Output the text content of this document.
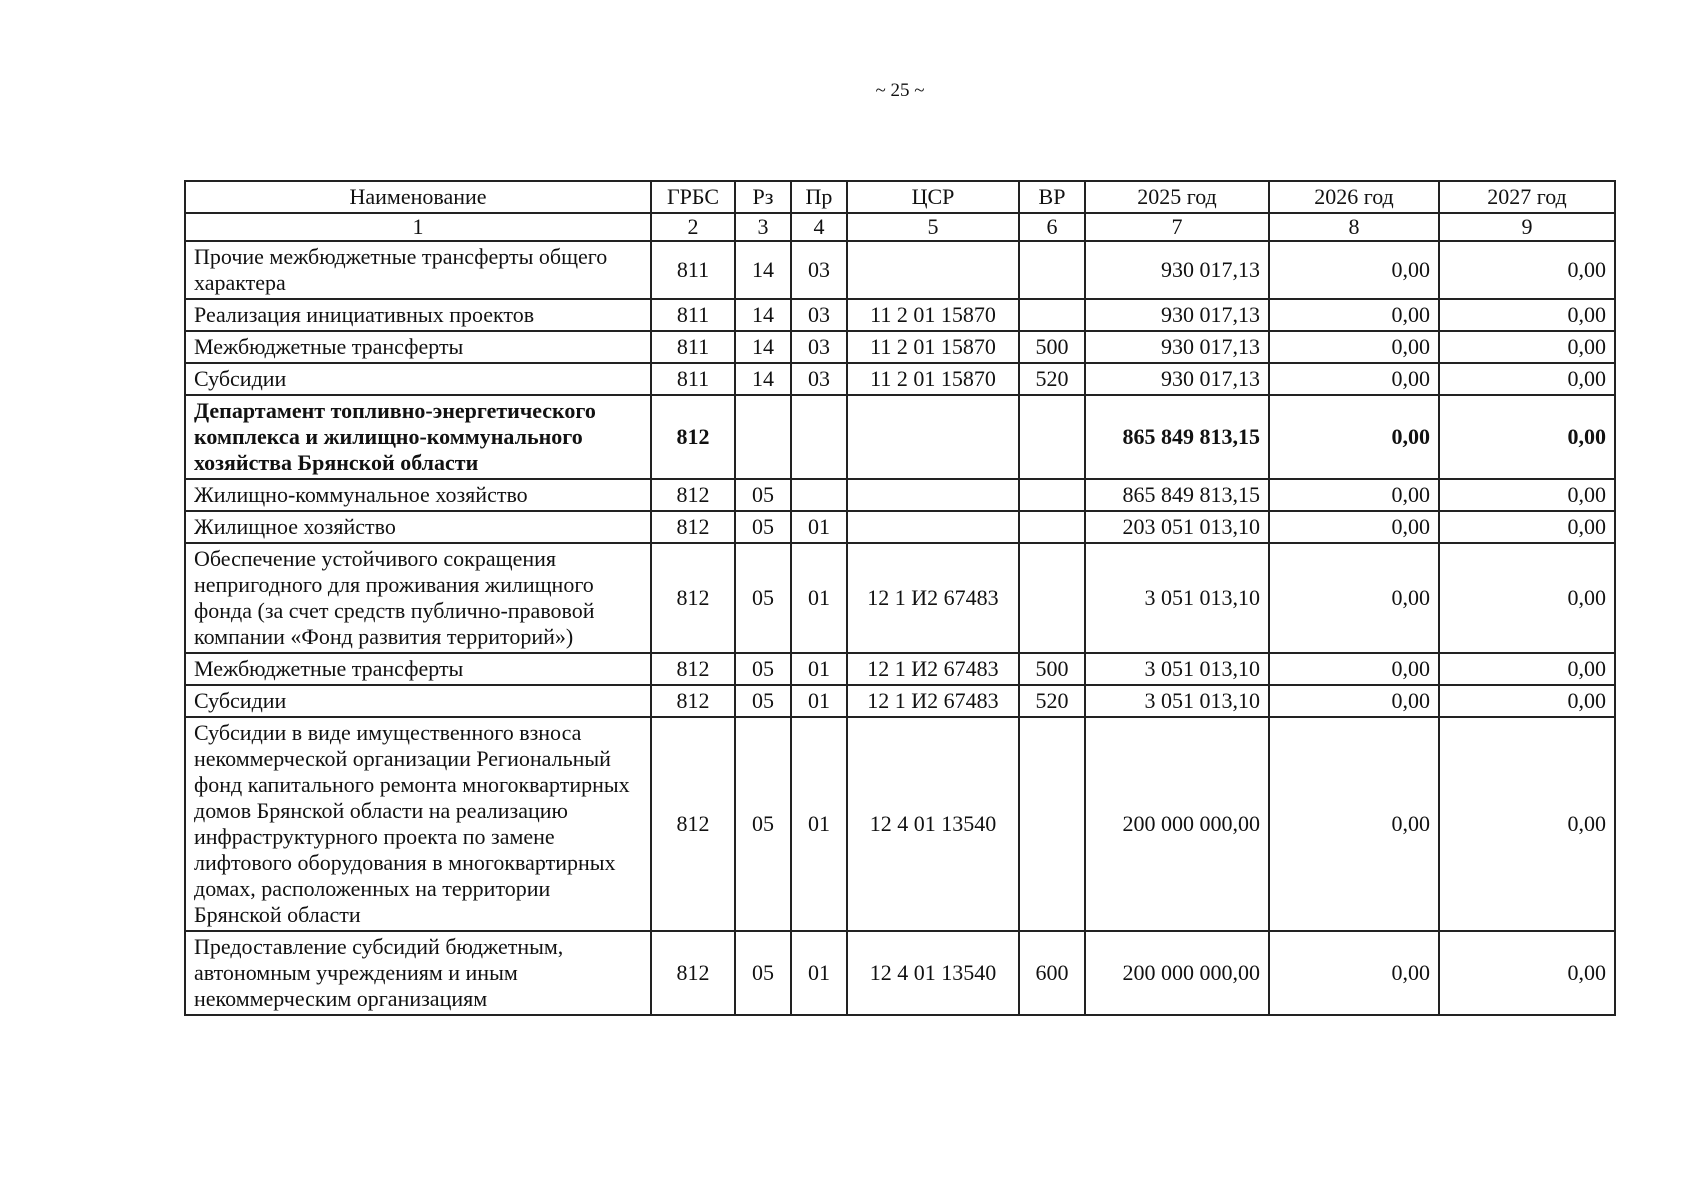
~ 25 ~
Наименование	ГРБС	Рз	Пр	ЦСР	ВР	2025 год	2026 год	2027 год
1	2	3	4	5	6	7	8	9
Прочие межбюджетные трансферты общего характера	811	14	03			930 017,13	0,00	0,00
Реализация инициативных проектов	811	14	03	11 2 01 15870		930 017,13	0,00	0,00
Межбюджетные трансферты	811	14	03	11 2 01 15870	500	930 017,13	0,00	0,00
Субсидии	811	14	03	11 2 01 15870	520	930 017,13	0,00	0,00
Департамент топливно-энергетического комплекса и жилищно-коммунального хозяйства Брянской области	812					865 849 813,15	0,00	0,00
Жилищно-коммунальное хозяйство	812	05				865 849 813,15	0,00	0,00
Жилищное хозяйство	812	05	01			203 051 013,10	0,00	0,00
Обеспечение устойчивого сокращения непригодного для проживания жилищного фонда (за счет средств публично-правовой компании «Фонд развития территорий»)	812	05	01	12 1 И2 67483		3 051 013,10	0,00	0,00
Межбюджетные трансферты	812	05	01	12 1 И2 67483	500	3 051 013,10	0,00	0,00
Субсидии	812	05	01	12 1 И2 67483	520	3 051 013,10	0,00	0,00
Субсидии в виде имущественного взноса некоммерческой организации Региональный фонд капитального ремонта многоквартирных домов Брянской области на реализацию инфраструктурного проекта по замене лифтового оборудования в многоквартирных домах, расположенных на территории Брянской области	812	05	01	12 4 01 13540		200 000 000,00	0,00	0,00
Предоставление субсидий бюджетным, автономным учреждениям и иным некоммерческим организациям	812	05	01	12 4 01 13540	600	200 000 000,00	0,00	0,00
